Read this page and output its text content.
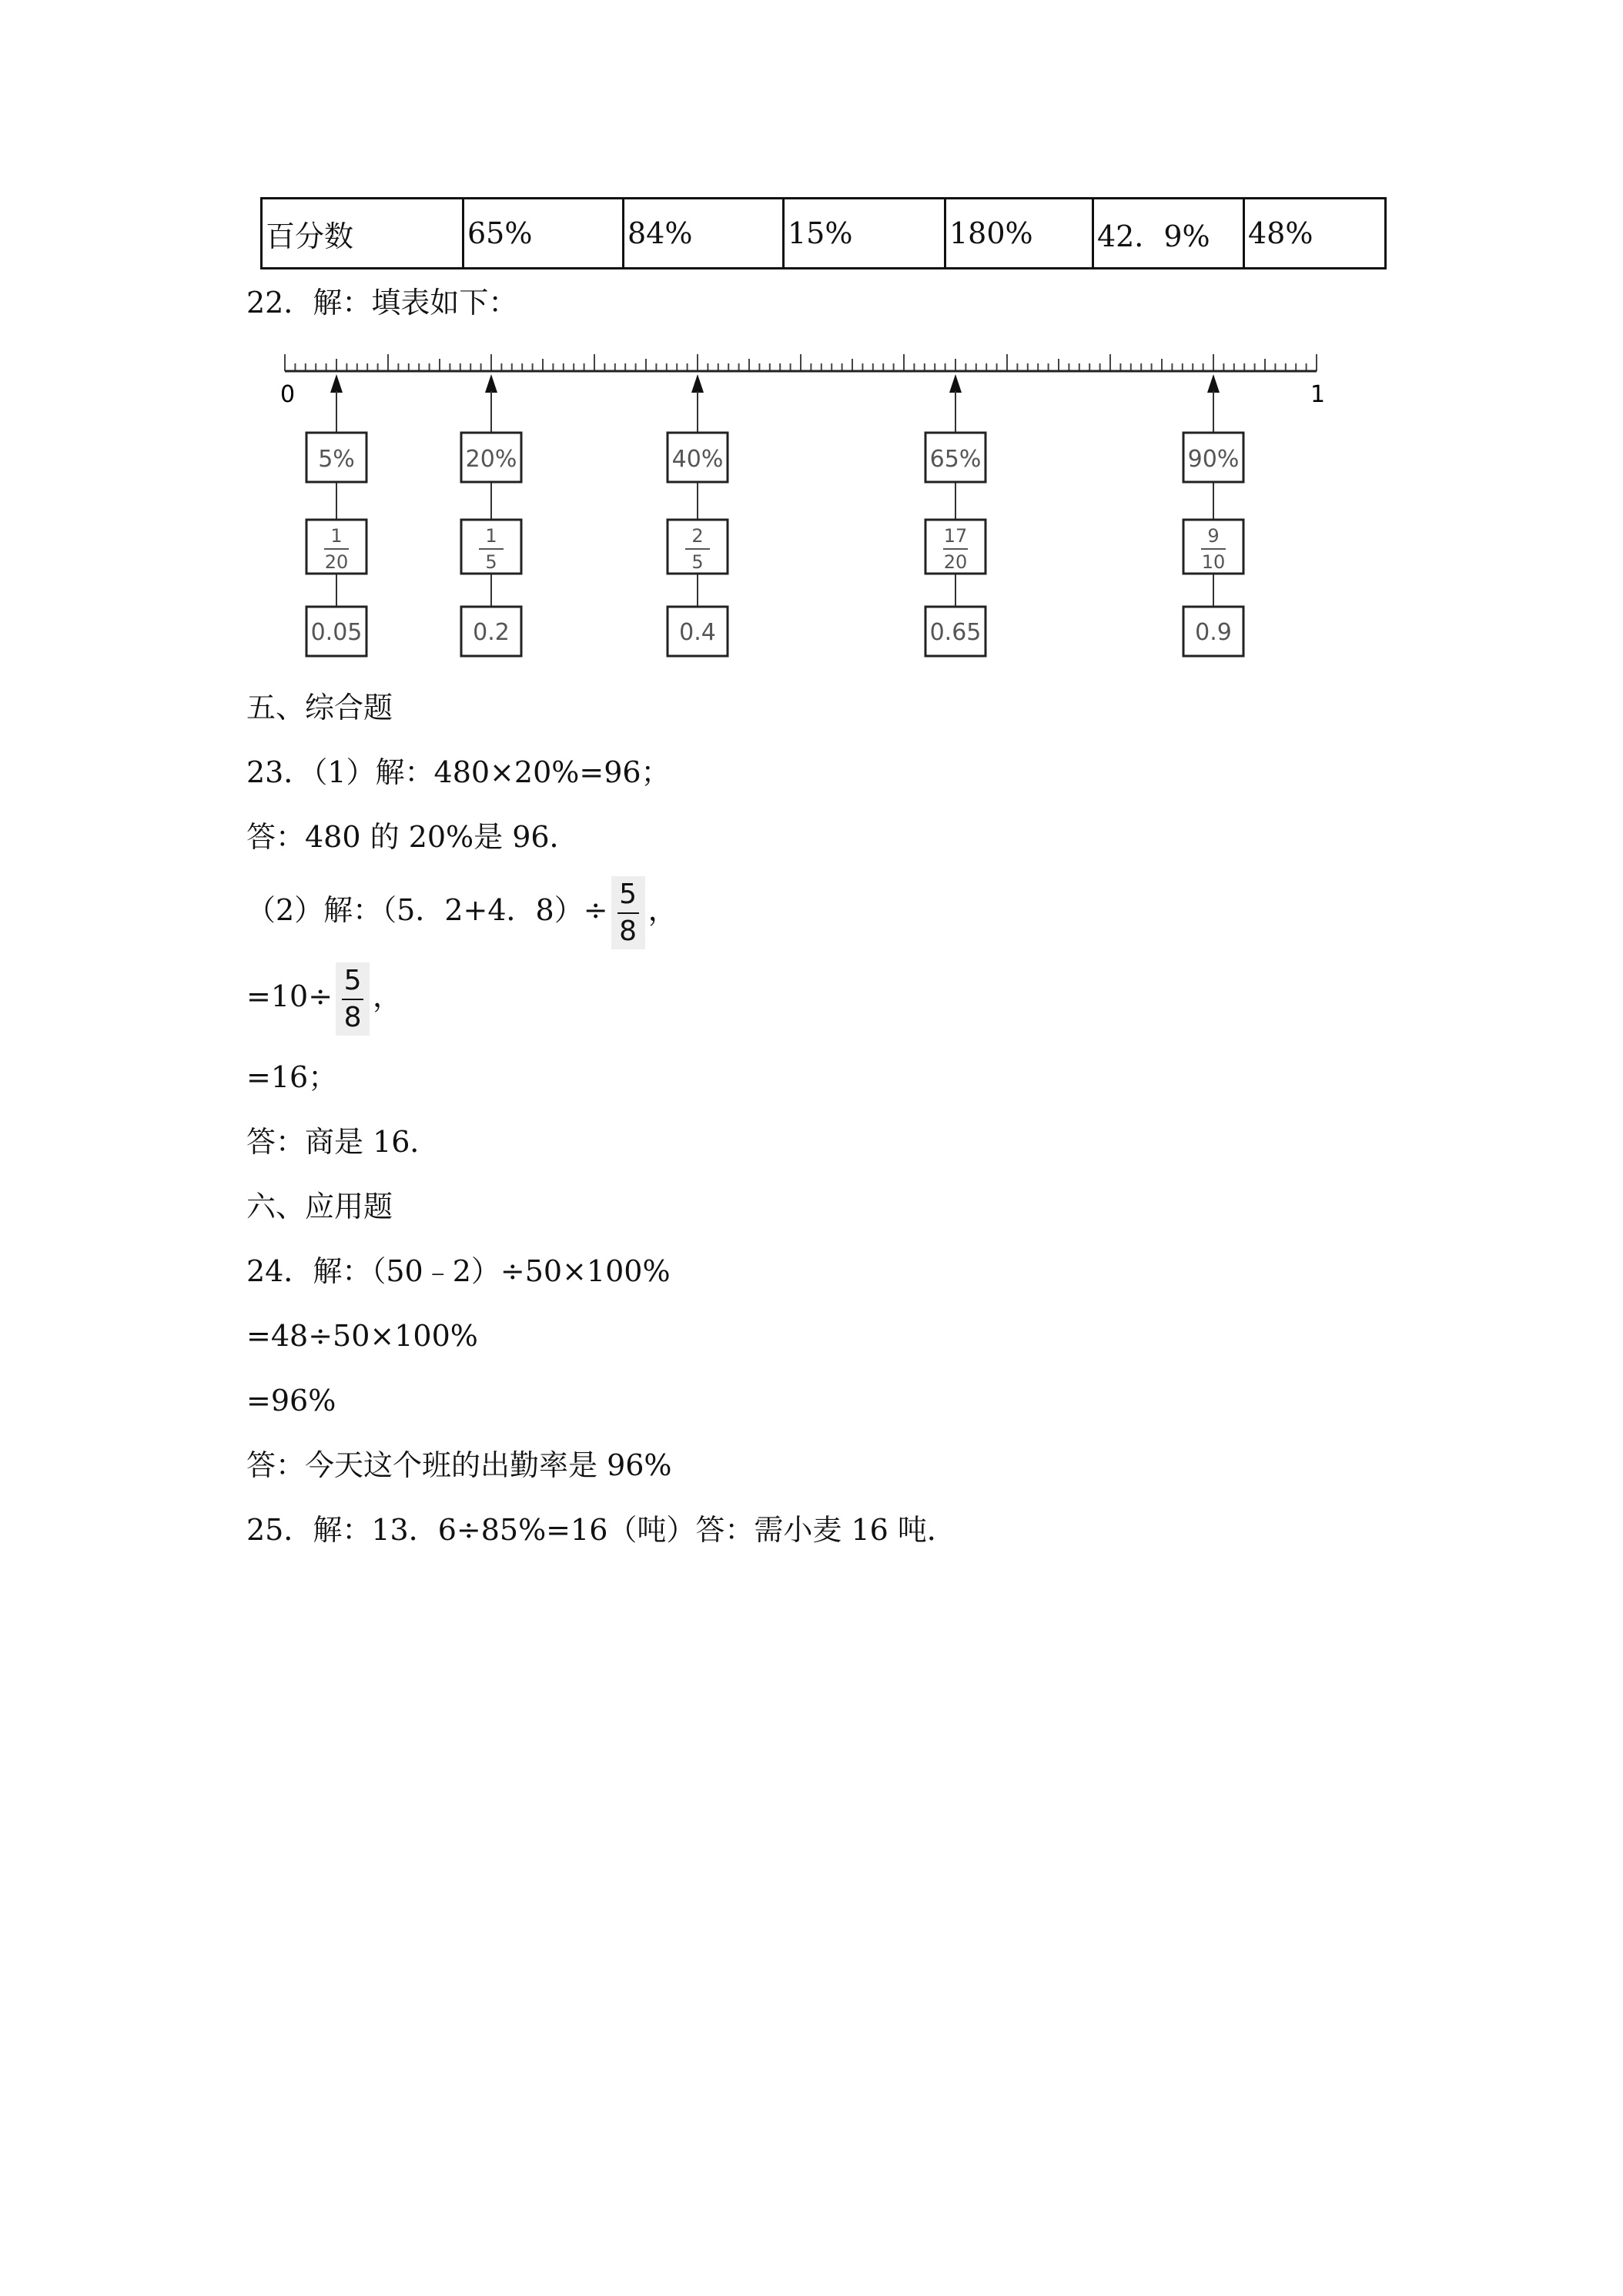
百分数	65%	84%	15%	180%	42．9%	48%
22．解：填表如下：
0	1
5%
1
20
0.05
20%
1
5
0.2
40%
2
5
0.4
65%
17
20
0.65
90%
9
10
0.9
五、综合题
23．（1）解：480×20%=96；
答：480 的 20%是 96．
（2）解：（5．2+4．$8)\div \frac{5}{8}$ ，
$=10\div \frac{5}{8}$ ，
=16；
答：商是 16．
六、应用题
24．解：（50﹣2）÷50×100%
=48÷50×100%
=96%
答：今天这个班的出勤率是 96%
25．解：13．6÷85%=16（吨）答：需小麦 16 吨．
